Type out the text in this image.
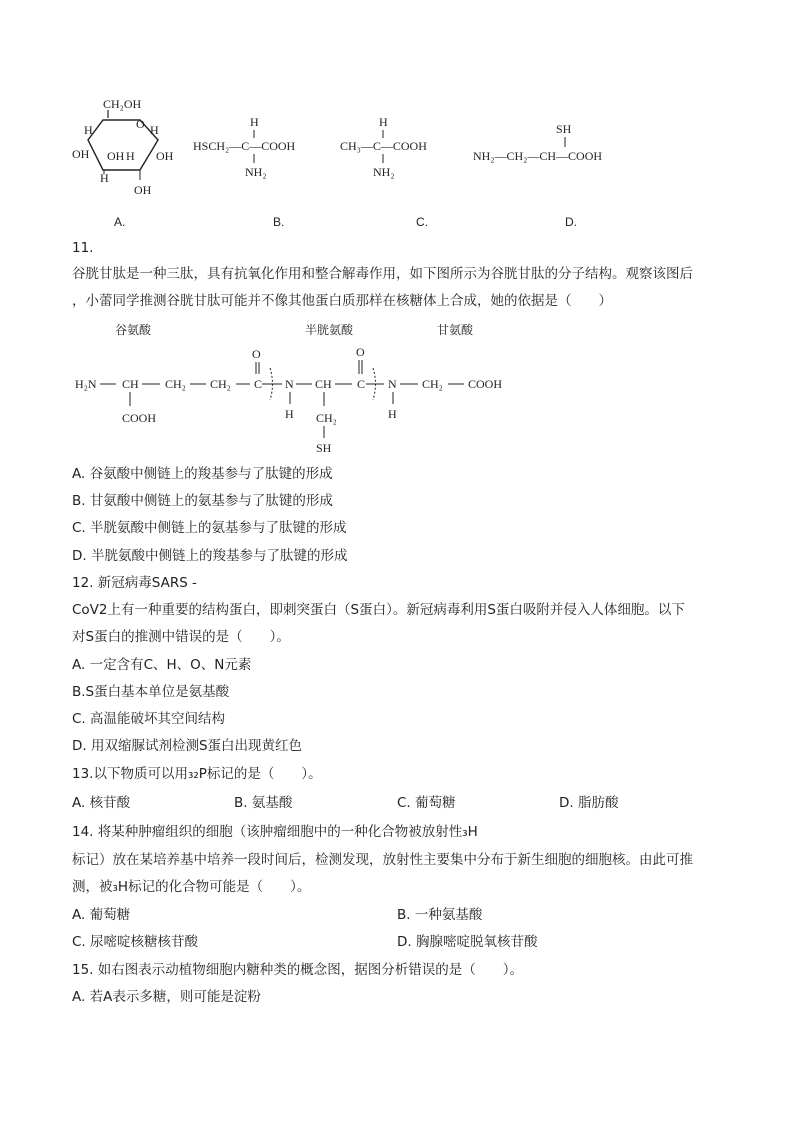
CH₂OH
O
H	H
OH OH H OH
H
OH
A.
H
HSCH₂—C—COOH
NH₂
B.
H
CH₃—C—COOH
NH₂
C.
SH
NH₂—CH₂—CH—COOH
D.
11.
谷胱甘肽是一种三肽，具有抗氧化作用和整合解毒作用，如下图所示为谷胱甘肽的分子结构。观察该图后
，小蕾同学推测谷胱甘肽可能并不像其他蛋白质那样在核糖体上合成，她的依据是（　　）
谷氨酸	半胱氨酸	甘氨酸
H₂N CH CH₂ CH₂ C N CH C N CH₂ COOH
O	O
COOH	H	H
CH₂
SH
A. 谷氨酸中侧链上的羧基参与了肽键的形成
B. 甘氨酸中侧链上的氨基参与了肽键的形成
C. 半胱氨酸中侧链上的氨基参与了肽键的形成
D. 半胱氨酸中侧链上的羧基参与了肽键的形成
12. 新冠病毒SARS -
CoV2上有一种重要的结构蛋白，即刺突蛋白（S蛋白）。新冠病毒利用S蛋白吸附并侵入人体细胞。以下
对S蛋白的推测中错误的是（　　）。
A. 一定含有C、H、O、N元素
B.S蛋白基本单位是氨基酸
C. 高温能破坏其空间结构
D. 用双缩脲试剂检测S蛋白出现黄红色
13.以下物质可以用₃₂P标记的是（　　）。
A. 核苷酸	B. 氨基酸	C. 葡萄糖	D. 脂肪酸
14. 将某种肿瘤组织的细胞（该肿瘤细胞中的一种化合物被放射性₃H
标记）放在某培养基中培养一段时间后，检测发现，放射性主要集中分布于新生细胞的细胞核。由此可推
测，被₃H标记的化合物可能是（　　）。
A. 葡萄糖	B. 一种氨基酸
C. 尿嘧啶核糖核苷酸	D. 胸腺嘧啶脱氧核苷酸
15. 如右图表示动植物细胞内糖种类的概念图，据图分析错误的是（　　）。
A. 若A表示多糖，则可能是淀粉
